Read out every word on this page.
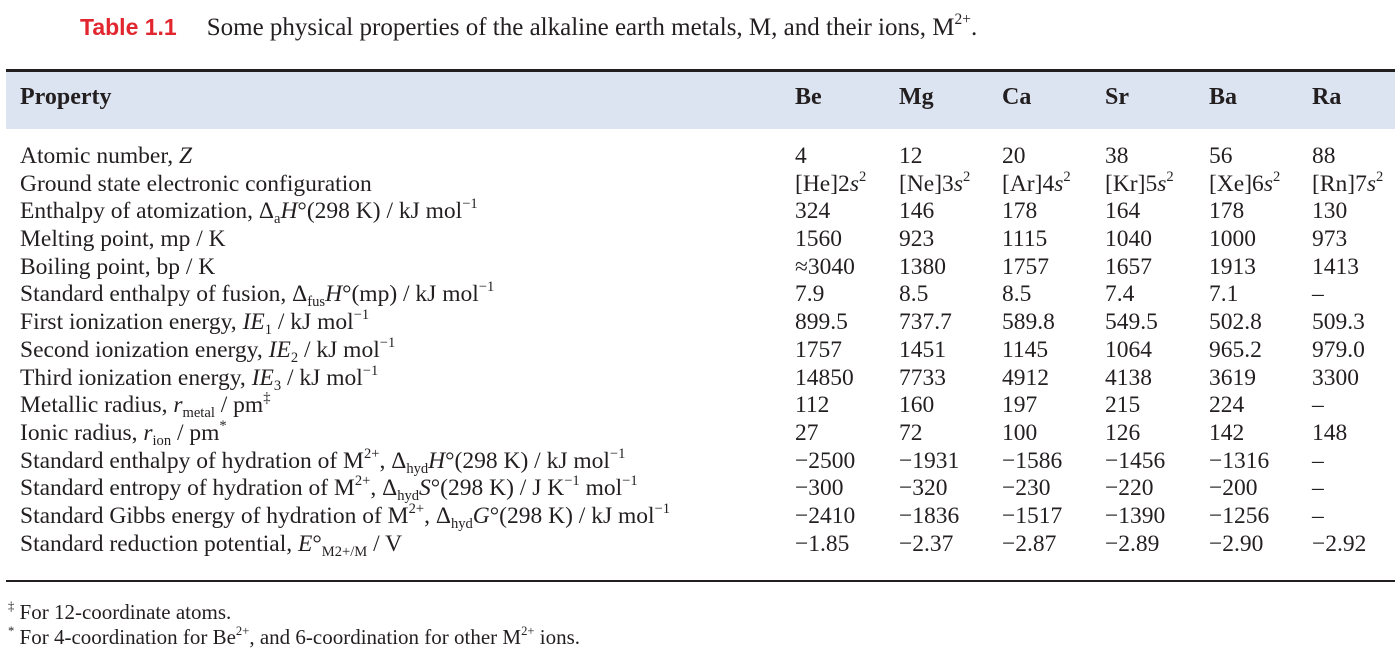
Table 1.1 Some physical properties of the alkaline earth metals, M, and their ions, $M^{2+}$.
Property	Be	Mg	Ca	Sr	Ba	Ra
Atomic number, Z	4	12	20	38	56	88
Ground state electronic configuration	$[He]2s^2$ $[Ne]3s^2$ $[Ar]4s^2$ $[Kr]5s^2$ $[Xe]6s^2$ $[Rn]7s^2$
Enthalpy of atomization, $\Delta_aH^\circ(298$ K) / kJ mol$^{-1}$	324	146	178	164	178	130
Melting point, mp / K	1560 923	1115 1040 1000 973
Boiling point, bp / K	≈3040 1380 1757 1657 1913 1413
Standard enthalpy of fusion, $\Delta_{fus}H^\circ(mp)$ / kJ mol$^{-1}$	7.9	8.5	8.5	7.4	7.1	–
First ionization energy, $IE_1$ / kJ mol$^{-1}$	899.5 737.7 589.8 549.5 502.8 509.3
Second ionization energy, $IE_2$ / kJ mol$^{-1}$	1757 1451 1145 1064 965.2 979.0
Third ionization energy, $IE_3$ / kJ mol$^{-1}$	14850 7733 4912 4138 3619 3300
Metallic radius, $r_{metal} / pm^\ddagger$	112	160	197	215	224	–
Ionic radius, $r_{ion} / pm^*$	27	72	100	126	142	148
Standard enthalpy of hydration of $M^{2+}$, $\Delta_{hyd}H^\circ(298$ K) / kJ mol$^{-1}$	−2500 −1931 −1586 −1456 −1316 –
Standard entropy of hydration of $M^{2+}$, $\Delta_{hyd}S^\circ(298$ K) / J $K^{-1}$ mol$^{-1}$	−300 −320 −230 −220 −200 –
Standard Gibbs energy of hydration of $M^{2+}$, $\Delta_{hyd}G^\circ(298$ K) / kJ mol$^{-1}$	−2410 −1836 −1517 −1390 −1256 –
Standard reduction potential, $E^\circ_{M2+/M}$ / V	−1.85 −2.37 −2.87 −2.89 −2.90 −2.92
‡ For 12-coordinate atoms.
* For 4-coordination for $Be^{2+}$, and 6-coordination for other $M^{2+}$ ions.
